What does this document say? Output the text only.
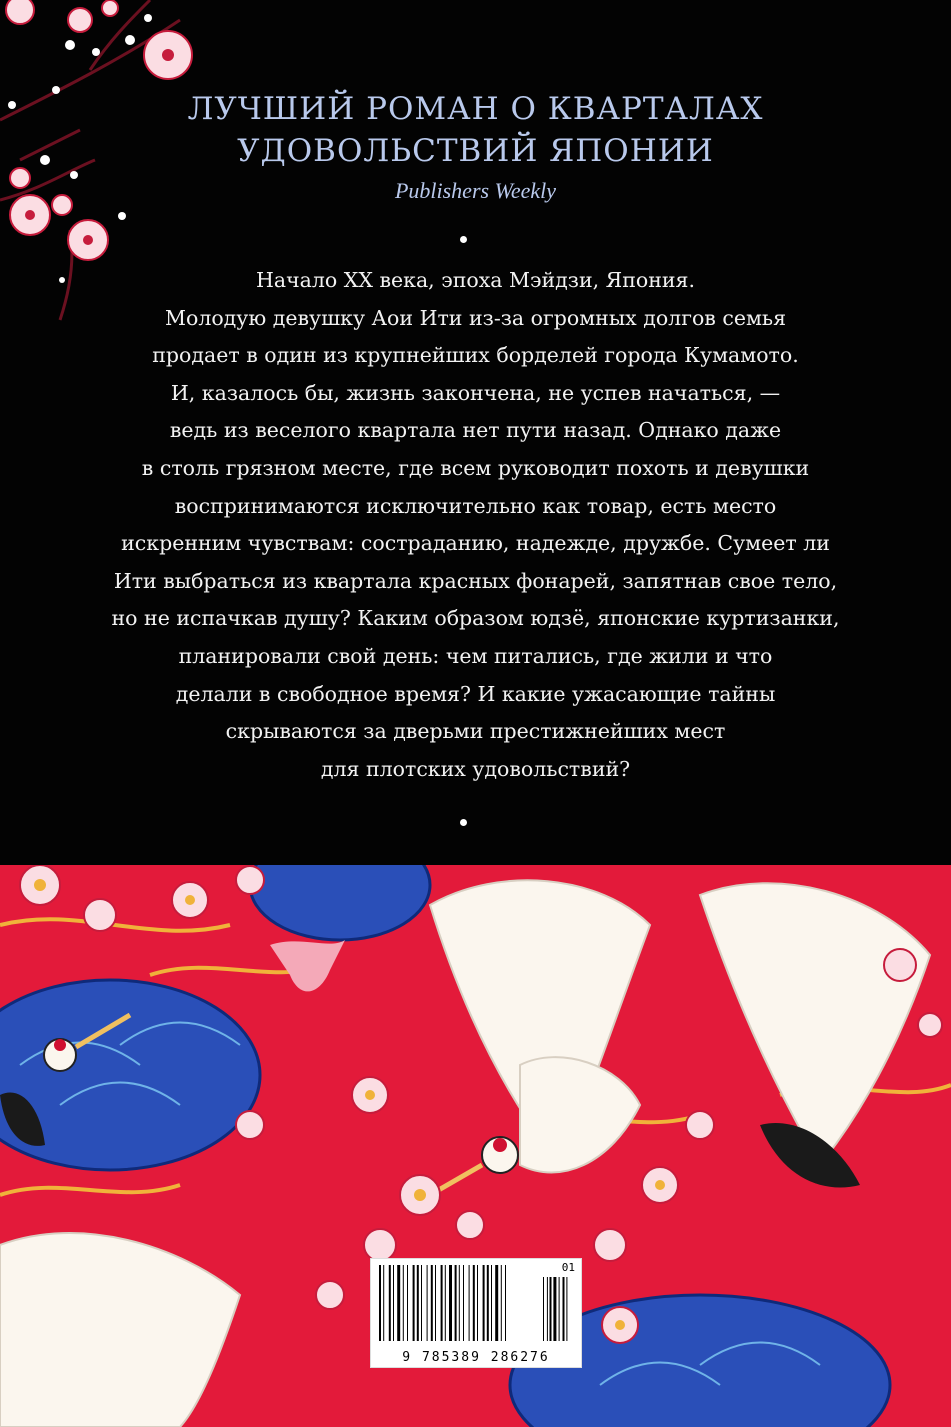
ЛУЧШИЙ РОМАН О КВАРТАЛАХ
УДОВОЛЬСТВИЙ ЯПОНИИ
Publishers Weekly
Начало XX века, эпоха Мэйдзи, Япония.
Молодую девушку Аои Ити из-за огромных долгов семья
продает в один из крупнейших борделей города Кумамото.
И, казалось бы, жизнь закончена, не успев начаться, —
ведь из веселого квартала нет пути назад. Однако даже
в столь грязном месте, где всем руководит похоть и девушки
воспринимаются исключительно как товар, есть место
искренним чувствам: состраданию, надежде, дружбе. Сумеет ли
Ити выбраться из квартала красных фонарей, запятнав свое тело,
но не испачкав душу? Каким образом юдзё, японские куртизанки,
планировали свой день: чем питались, где жили и что
делали в свободное время? И какие ужасающие тайны
скрываются за дверьми престижнейших мест
для плотских удовольствий?
01
9 785389 286276
